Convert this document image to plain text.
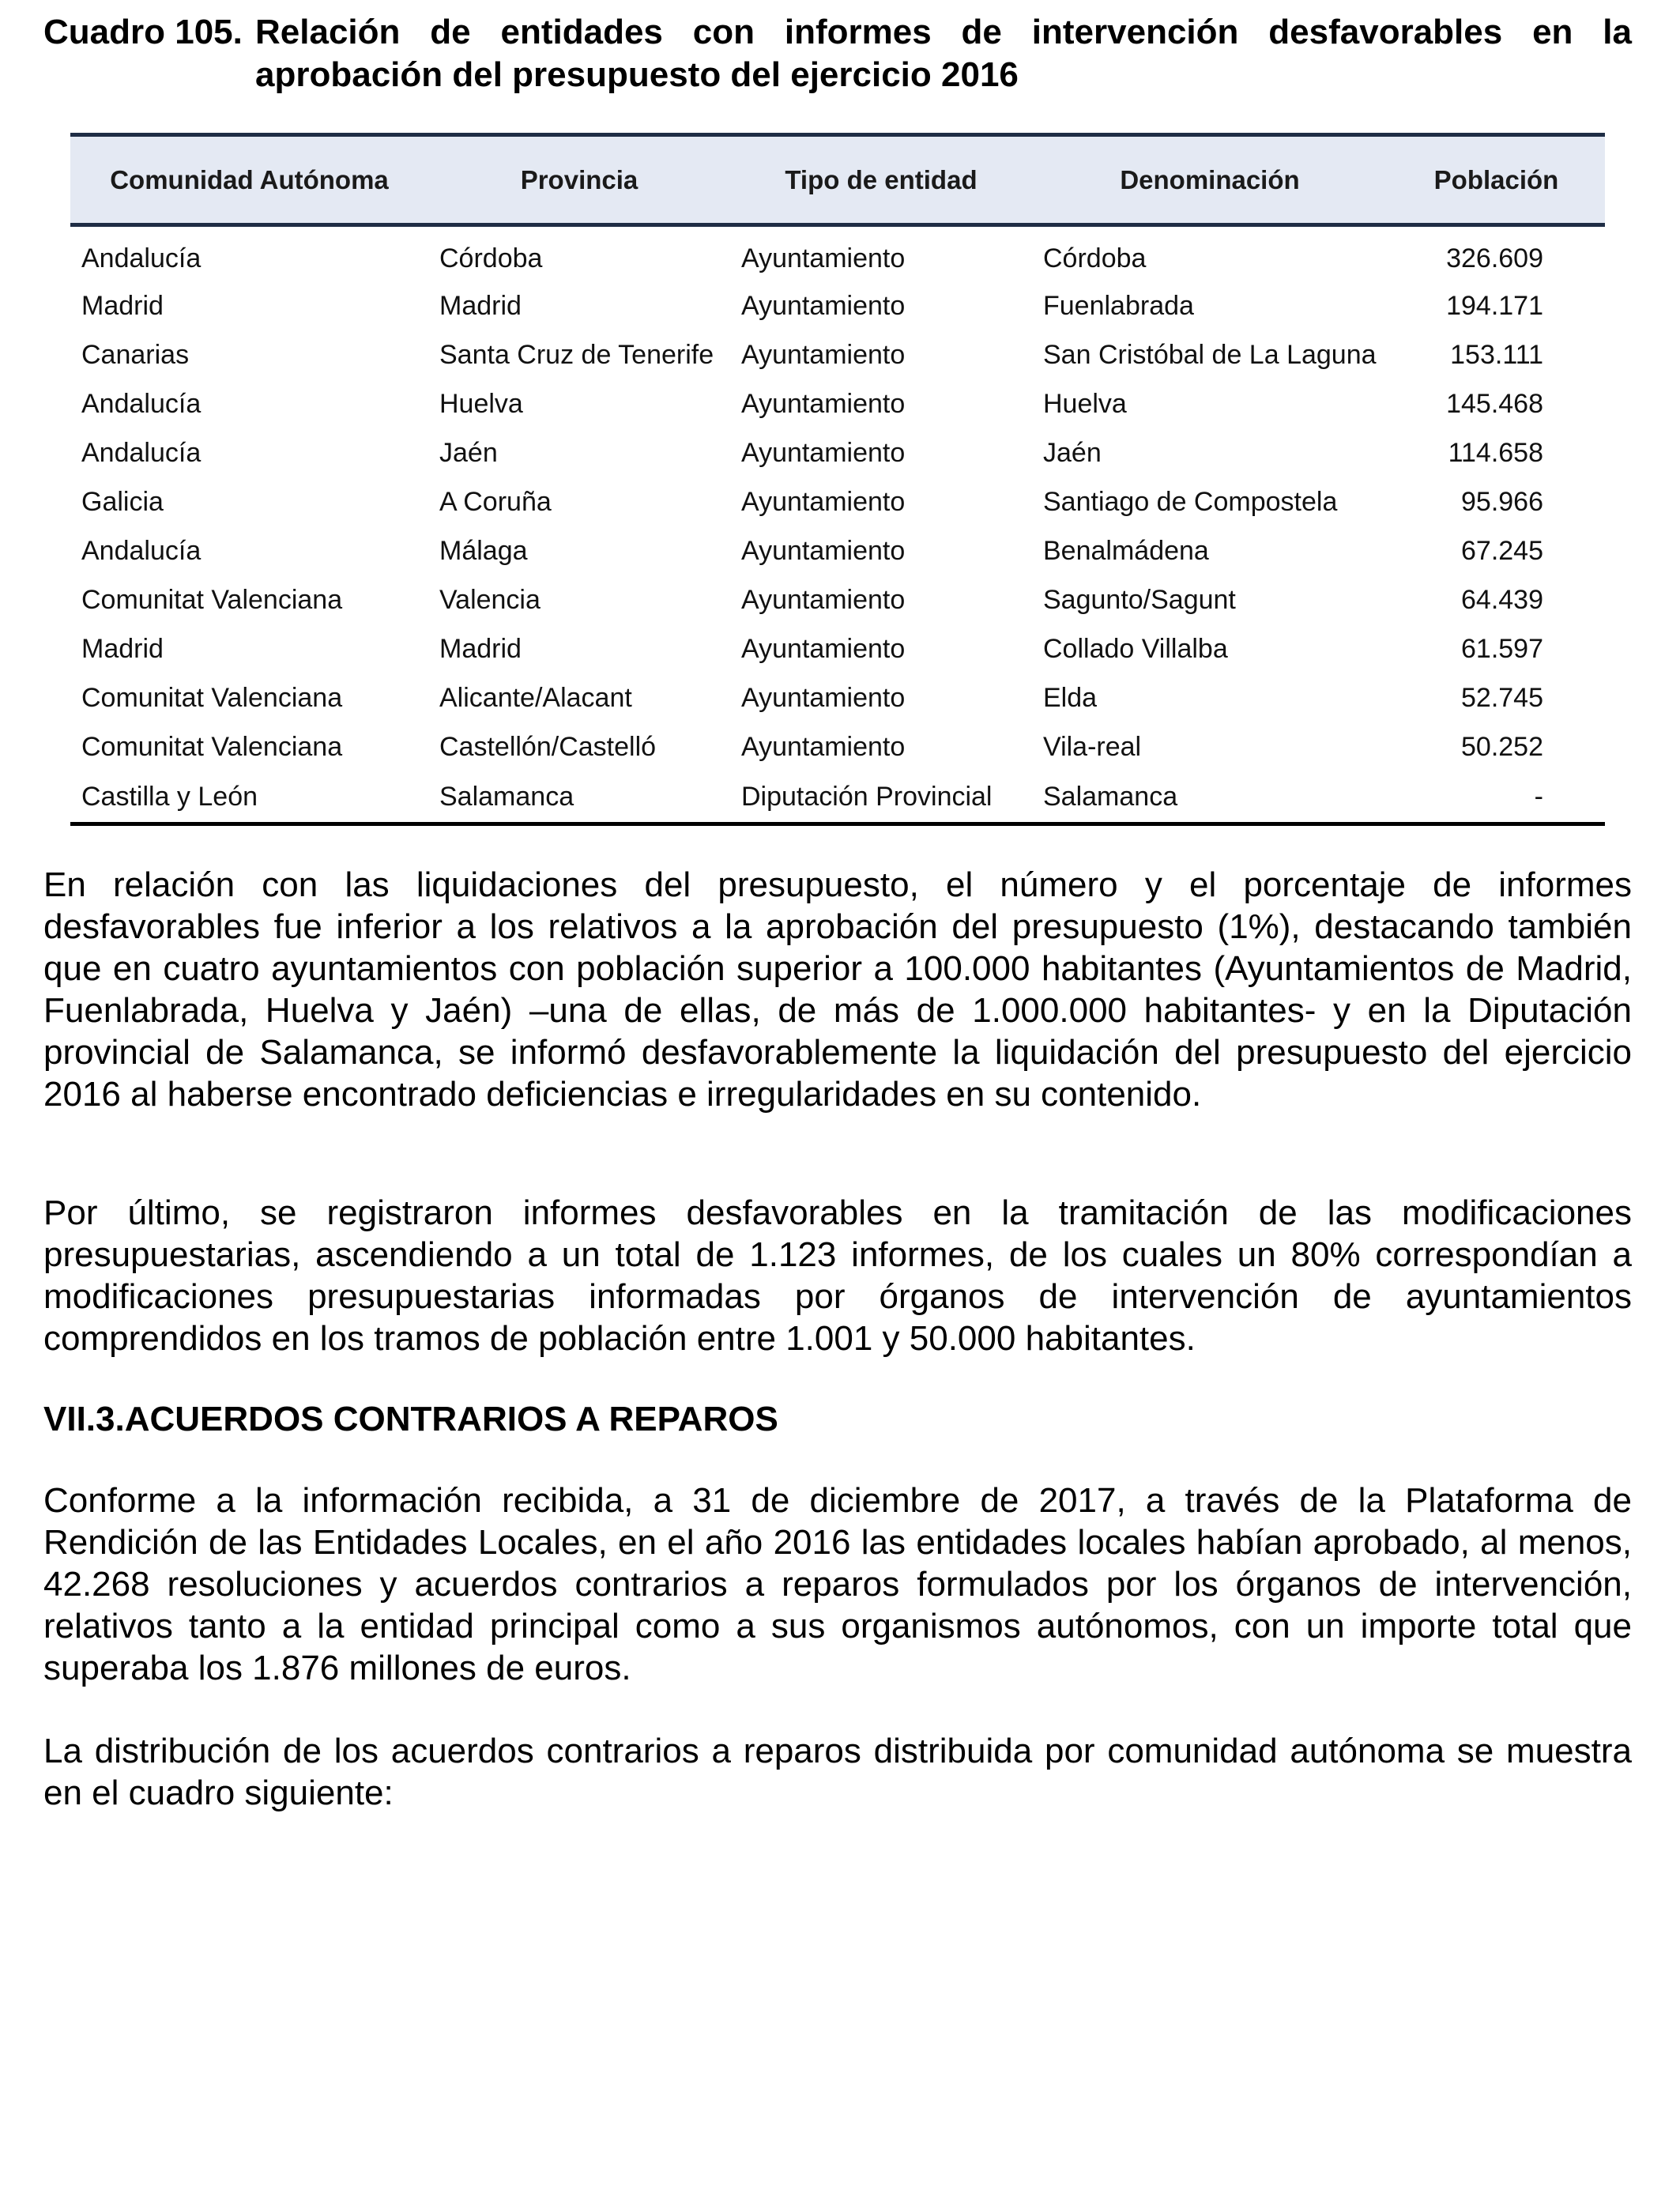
Cuadro 105. Relación de entidades con informes de intervención desfavorables en la aprobación del presupuesto del ejercicio 2016
Comunidad Autónoma	Provincia	Tipo de entidad	Denominación	Población
Andalucía	Córdoba	Ayuntamiento	Córdoba	326.609
Madrid	Madrid	Ayuntamiento	Fuenlabrada	194.171
Canarias	Santa Cruz de Tenerife	Ayuntamiento	San Cristóbal de La Laguna	153.111
Andalucía	Huelva	Ayuntamiento	Huelva	145.468
Andalucía	Jaén	Ayuntamiento	Jaén	114.658
Galicia	A Coruña	Ayuntamiento	Santiago de Compostela	95.966
Andalucía	Málaga	Ayuntamiento	Benalmádena	67.245
Comunitat Valenciana	Valencia	Ayuntamiento	Sagunto/Sagunt	64.439
Madrid	Madrid	Ayuntamiento	Collado Villalba	61.597
Comunitat Valenciana	Alicante/Alacant	Ayuntamiento	Elda	52.745
Comunitat Valenciana	Castellón/Castelló	Ayuntamiento	Vila-real	50.252
Castilla y León	Salamanca	Diputación Provincial	Salamanca	-

En relación con las liquidaciones del presupuesto, el número y el porcentaje de informes desfavorables fue inferior a los relativos a la aprobación del presupuesto (1%), destacando también que en cuatro ayuntamientos con población superior a 100.000 habitantes (Ayuntamientos de Madrid, Fuenlabrada, Huelva y Jaén) –una de ellas, de más de 1.000.000 habitantes- y en la Diputación provincial de Salamanca, se informó desfavorablemente la liquidación del presupuesto del ejercicio 2016 al haberse encontrado deficiencias e irregularidades en su contenido.

Por último, se registraron informes desfavorables en la tramitación de las modificaciones presupuestarias, ascendiendo a un total de 1.123 informes, de los cuales un 80% correspondían a modificaciones presupuestarias informadas por órganos de intervención de ayuntamientos comprendidos en los tramos de población entre 1.001 y 50.000 habitantes.

VII.3.ACUERDOS CONTRARIOS A REPAROS

Conforme a la información recibida, a 31 de diciembre de 2017, a través de la Plataforma de Rendición de las Entidades Locales, en el año 2016 las entidades locales habían aprobado, al menos, 42.268 resoluciones y acuerdos contrarios a reparos formulados por los órganos de intervención, relativos tanto a la entidad principal como a sus organismos autónomos, con un importe total que superaba los 1.876 millones de euros.

La distribución de los acuerdos contrarios a reparos distribuida por comunidad autónoma se muestra en el cuadro siguiente:
